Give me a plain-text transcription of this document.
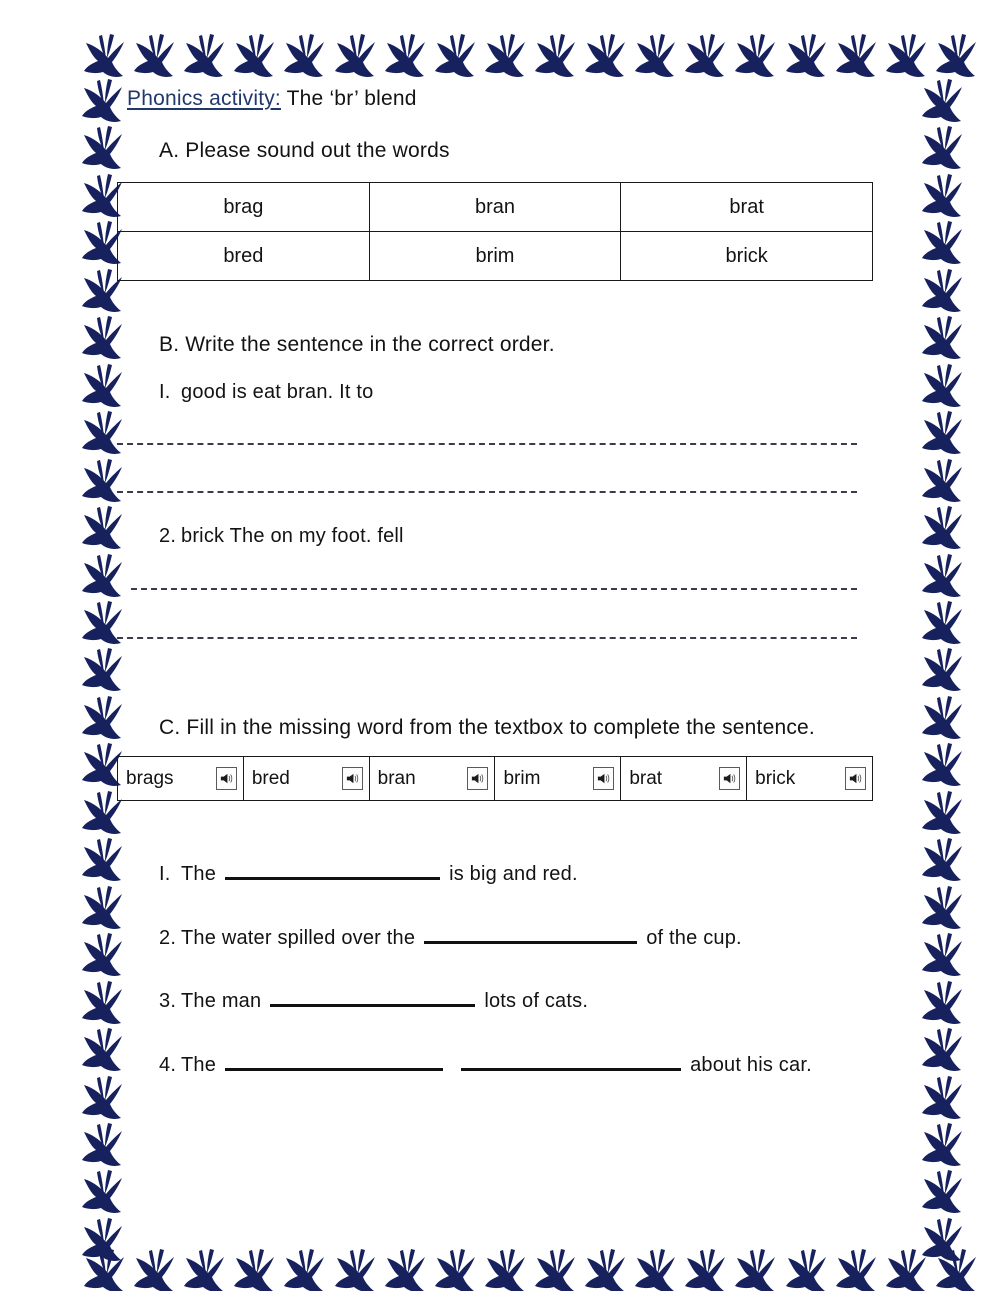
Phonics activity: The ‘br’ blend
A. Please sound out the words
brag	bran	brat
bred	brim	brick
B. Write the sentence in the correct order.
I. good is eat bran. It to
2. brick The on my foot. fell
C. Fill in the missing word from the textbox to complete the sentence.
brags	bred	bran	brim	brat	brick
I. The	is big and red.
2. The water spilled over the	of the cup.
3. The man	lots of cats.
4. The	about his car.
